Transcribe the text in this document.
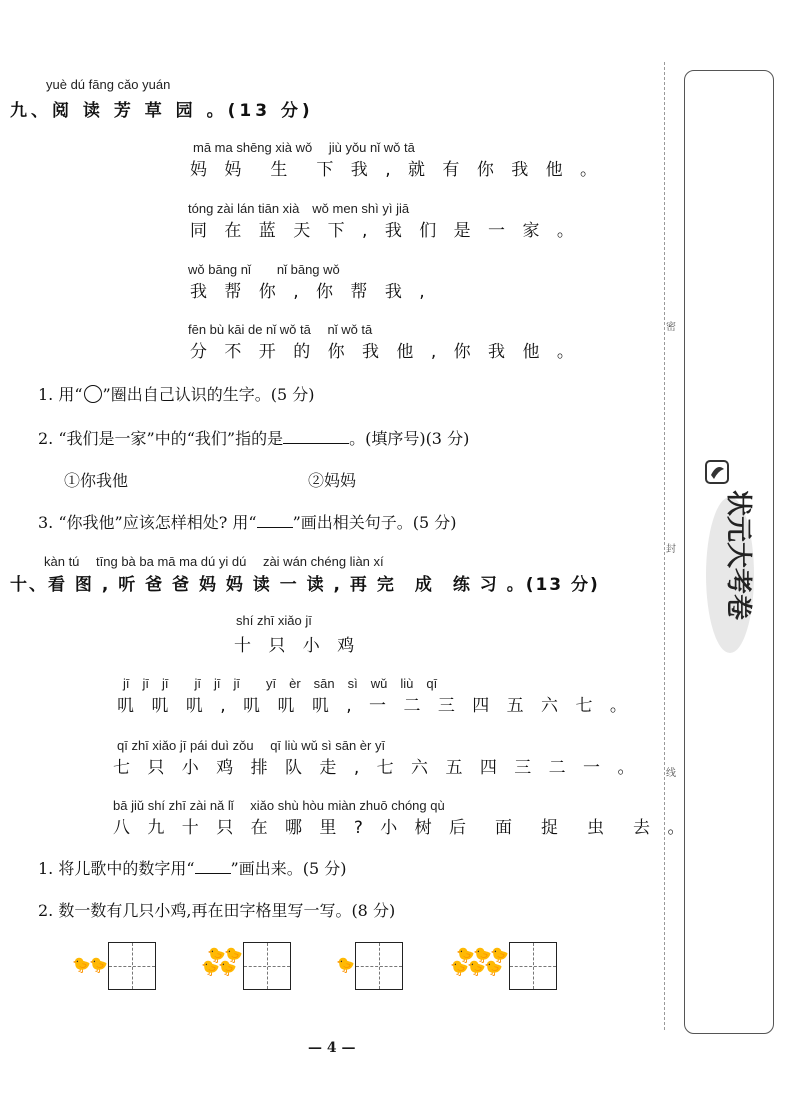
yuè dú fāng cǎo yuán
九、阅 读 芳 草 园 。(13 分)
mā ma shēng xià wǒ　 jiù yǒu nǐ wǒ tā
妈 妈　生　下 我 , 就 有 你 我 他 。
tóng zài lán tiān xià　wǒ men shì yì jiā
同 在 蓝 天 下 , 我 们 是 一 家 。
wǒ bāng nǐ　　nǐ bāng wǒ
我 帮 你 , 你 帮 我 ,
fēn bù kāi de nǐ wǒ tā　 nǐ wǒ tā
分 不 开 的 你 我 他 , 你 我 他 。
1. 用“ ”圈出自己认识的生字。(5 分)
2. “我们是一家”中的“我们”指的是	。(填序号)(3 分)
①你我他	②妈妈
3. “你我他”应该怎样相处? 用“ ”画出相关句子。(5 分)
kàn tú　 tīng bà ba mā ma dú yi dú　 zài wán chéng liàn xí
十、看 图 , 听 爸 爸 妈 妈 读 一 读 , 再 完　成　练 习 。(13 分)
shí zhī xiǎo jī
十 只 小 鸡
jī　jī　jī　　jī　jī　jī　　yī　èr　sān　sì　wǔ　liù　qī
叽 叽 叽 , 叽 叽 叽 , 一 二 三 四 五 六 七 。
qī zhī xiǎo jī pái duì zǒu　 qī liù wǔ sì sān èr yī
七 只 小 鸡 排 队 走 , 七 六 五 四 三 二 一 。
bā jiǔ shí zhī zài nǎ lǐ　 xiǎo shù hòu miàn zhuō chóng qù
八 九 十 只 在 哪 里 ? 小 树 后　面　捉　虫　去 。
1. 将儿歌中的数字用“ ”画出来。(5 分)
2. 数一数有几只小鸡,再在田字格里写一写。(8 分)
🐤
🐤
🐤
🐤
🐤
🐤	🐤
🐤
🐤
🐤
🐤
🐤
🐤
— 4 —
密
封
线
状元大考卷
